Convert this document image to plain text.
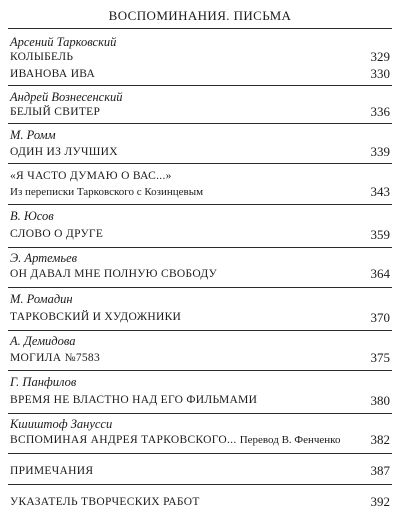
ВОСПОМИНАНИЯ. ПИСЬМА
Арсений Тарковский
КОЛЫБЕЛЬ	329
ИВАНОВА ИВА	330
Андрей Вознесенский
БЕЛЫЙ СВИТЕР	336
М. Ромм
ОДИН ИЗ ЛУЧШИХ	339
«Я ЧАСТО ДУМАЮ О ВАС...»
Из переписки Тарковского с Козинцевым	343
В. Юсов
СЛОВО О ДРУГЕ	359
Э. Артемьев
ОН ДАВАЛ МНЕ ПОЛНУЮ СВОБОДУ	364
М. Ромадин
ТАРКОВСКИЙ И ХУДОЖНИКИ	370
А. Демидова
МОГИЛА №7583	375
Г. Панфилов
ВРЕМЯ НЕ ВЛАСТНО НАД ЕГО ФИЛЬМАМИ	380
Кшиштоф Занусси
ВСПОМИНАЯ АНДРЕЯ ТАРКОВСКОГО... Перевод В. Фенченко 382
ПРИМЕЧАНИЯ	387
УКАЗАТЕЛЬ ТВОРЧЕСКИХ РАБОТ	392
